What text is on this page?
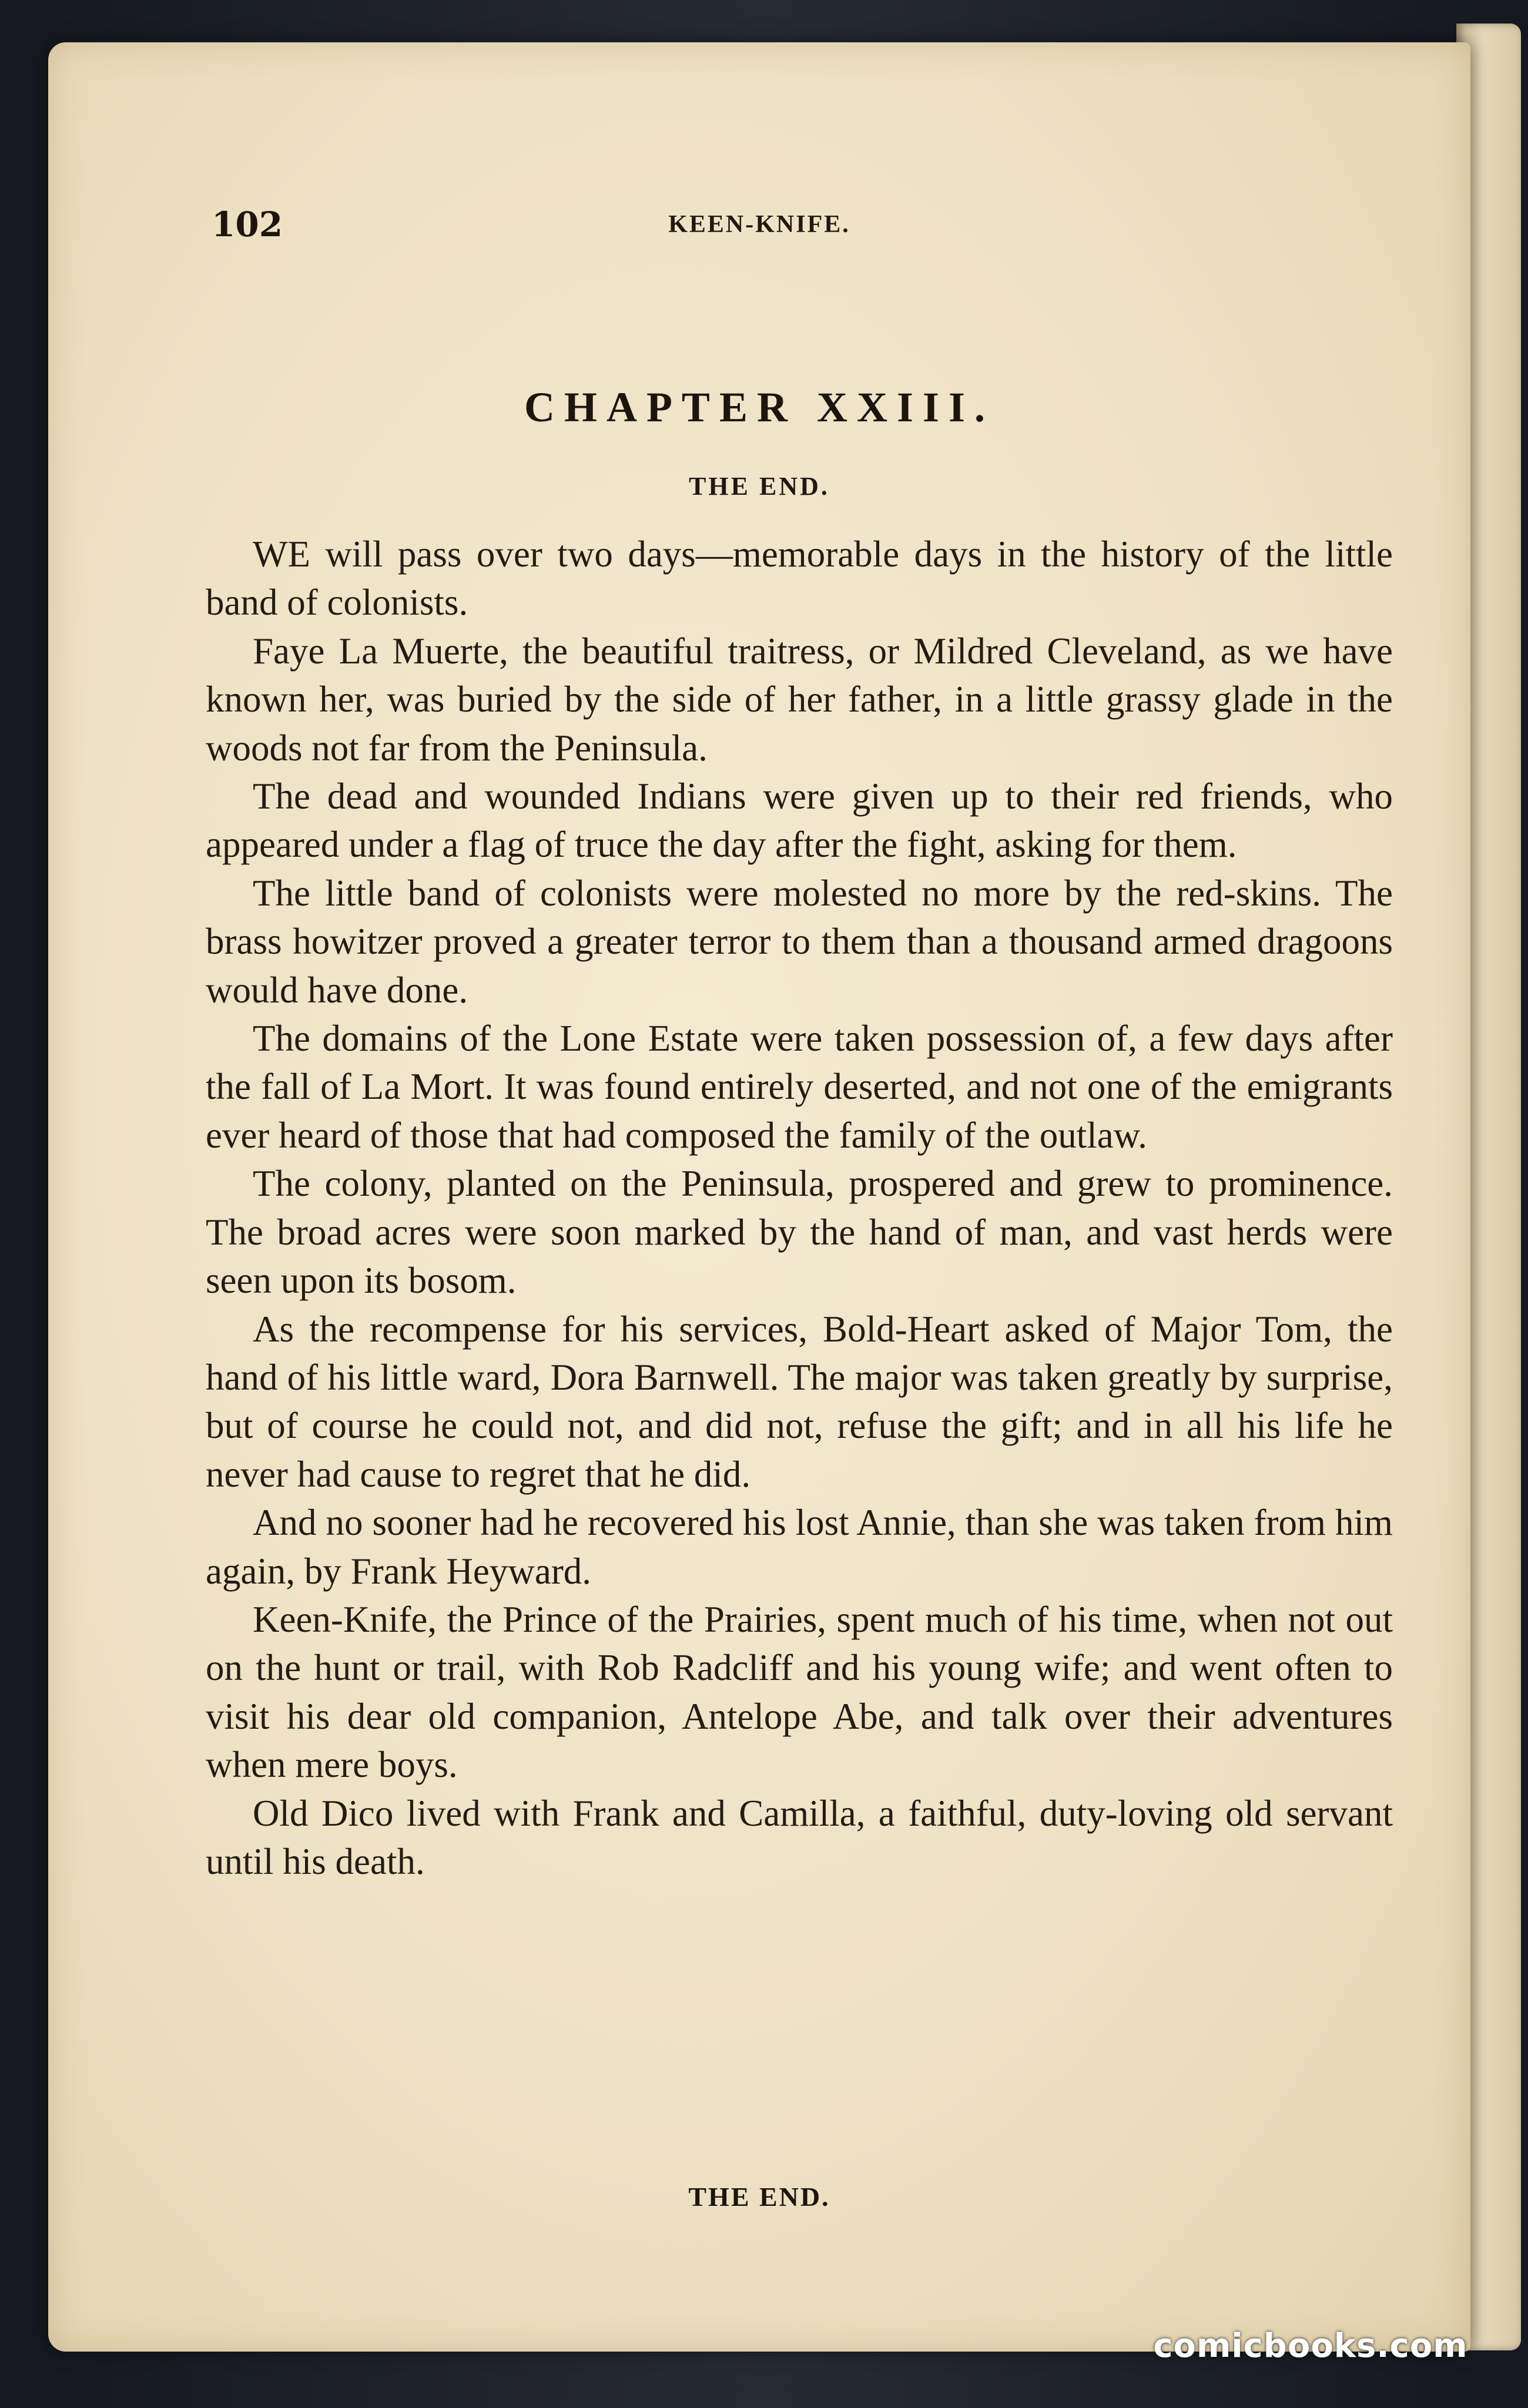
102	KEEN-KNIFE.
CHAPTER XXIII.
THE END.

WE will pass over two days—memorable days in the history of the little band of colonists.

Faye La Muerte, the beautiful traitress, or Mildred Cleveland, as we have known her, was buried by the side of her father, in a little grassy glade in the woods not far from the Peninsula.

The dead and wounded Indians were given up to their red friends, who appeared under a flag of truce the day after the fight, asking for them.

The little band of colonists were molested no more by the red-skins. The brass howitzer proved a greater terror to them than a thousand armed dragoons would have done.

The domains of the Lone Estate were taken possession of, a few days after the fall of La Mort. It was found entirely deserted, and not one of the emigrants ever heard of those that had composed the family of the outlaw.

The colony, planted on the Peninsula, prospered and grew to prominence. The broad acres were soon marked by the hand of man, and vast herds were seen upon its bosom.

As the recompense for his services, Bold-Heart asked of Major Tom, the hand of his little ward, Dora Barnwell. The major was taken greatly by surprise, but of course he could not, and did not, refuse the gift; and in all his life he never had cause to regret that he did.

And no sooner had he recovered his lost Annie, than she was taken from him again, by Frank Heyward.

Keen-Knife, the Prince of the Prairies, spent much of his time, when not out on the hunt or trail, with Rob Radcliff and his young wife; and went often to visit his dear old companion, Antelope Abe, and talk over their adventures when mere boys.

Old Dico lived with Frank and Camilla, a faithful, duty-loving old servant until his death.

THE END.
comicbooks.com
